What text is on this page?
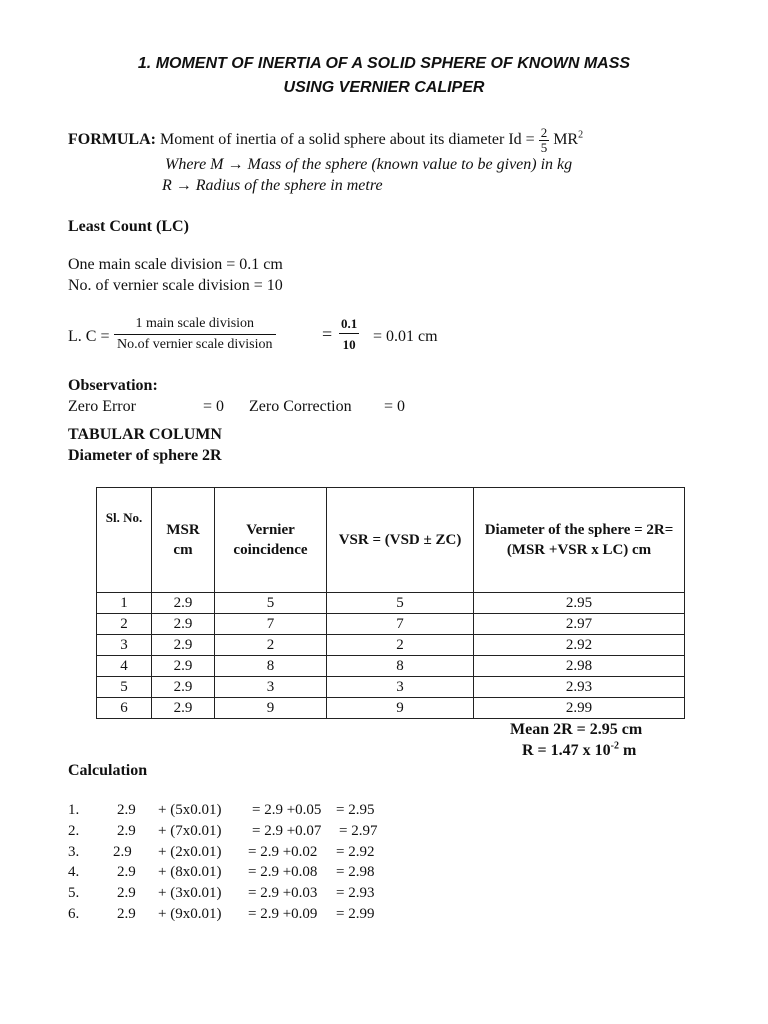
1. MOMENT OF INERTIA OF A SOLID SPHERE OF KNOWN MASS
USING VERNIER CALIPER
FORMULA: Moment of inertia of a solid sphere about its diameter $Id = \frac{2}{5} MR^2$
Where M → Mass of the sphere (known value to be given) in kg
R → Radius of the sphere in metre
Least Count (LC)
One main scale division = 0.1 cm
No. of vernier scale division = 10
L. $C = \frac{\text{1 main scale division}}{\text{No.of vernier scale division}}$	= $\frac{0.1}{10} = 0.01$ cm
Observation:
Zero Error	= 0 Zero Correction = 0
TABULAR COLUMN
Diameter of sphere 2R
Sl. No.	MSR cm	Vernier coincidence	VSR = (VSD ± ZC)	Diameter of the sphere = 2R= (MSR +VSR x LC) cm
1	2.9	5	5	2.95
2	2.9	7	7	2.97
3	2.9	2	2	2.92
4	2.9	8	8	2.98
5	2.9	3	3	2.93
6	2.9	9	9	2.99
Mean 2R = 2.95 cm
R = 1.47 x $10^{-2}$ m
Calculation
1.	2.9 + (5x0.01) = 2.9 +0.05 = 2.95
2.	2.9 + (7x0.01) = 2.9 +0.07 = 2.97
3. 2.9 + (2x0.01) = 2.9 +0.02 = 2.92
4.	2.9 + (8x0.01) = 2.9 +0.08 = 2.98
5.	2.9 + (3x0.01) = 2.9 +0.03 = 2.93
6.	2.9 + (9x0.01) = 2.9 +0.09 = 2.99
